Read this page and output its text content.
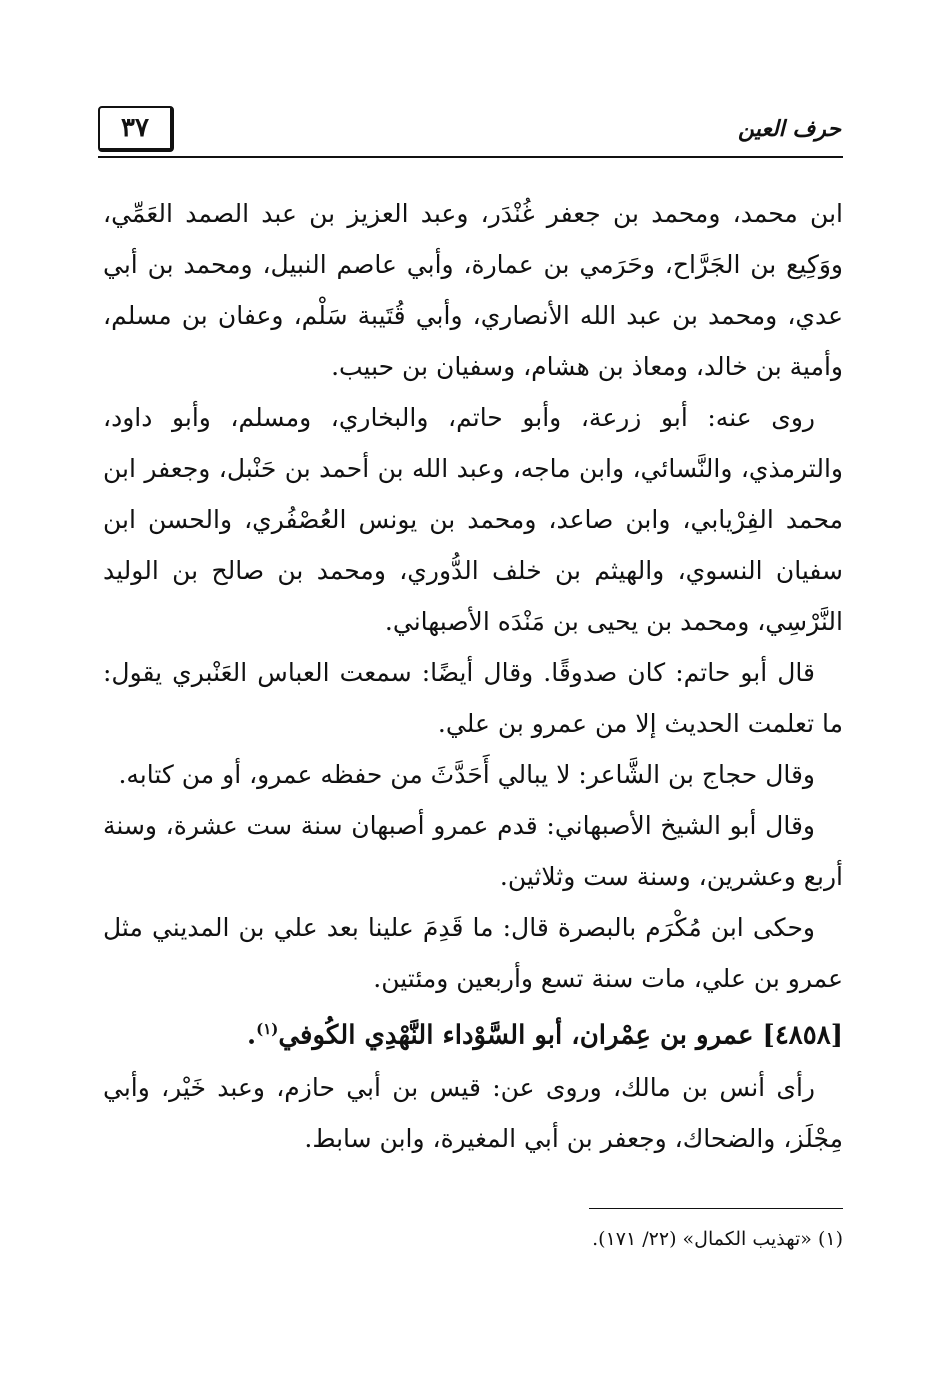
٣٧	حرف العين

ابن محمد، ومحمد بن جعفر غُنْدَر، وعبد العزيز بن عبد الصمد العَمِّي، ووَكِيع بن الجَرَّاح، وحَرَمي بن عمارة، وأبي عاصم النبيل، ومحمد بن أبي عدي، ومحمد بن عبد الله الأنصاري، وأبي قُتَيبة سَلْم، وعفان بن مسلم، وأمية بن خالد، ومعاذ بن هشام، وسفيان بن حبيب.

روى عنه: أبو زرعة، وأبو حاتم، والبخاري، ومسلم، وأبو داود، والترمذي، والنَّسائي، وابن ماجه، وعبد الله بن أحمد بن حَنْبل، وجعفر ابن محمد الفِرْيابي، وابن صاعد، ومحمد بن يونس العُصْفُري، والحسن ابن سفيان النسوي، والهيثم بن خلف الدُّوري، ومحمد بن صالح بن الوليد النَّرْسِي، ومحمد بن يحيى بن مَنْدَه الأصبهاني.

قال أبو حاتم: كان صدوقًا. وقال أيضًا: سمعت العباس العَنْبري يقول: ما تعلمت الحديث إلا من عمرو بن علي.

وقال حجاج بن الشَّاعر: لا يبالي أَحَدَّثَ من حفظه عمرو، أو من كتابه.

وقال أبو الشيخ الأصبهاني: قدم عمرو أصبهان سنة ست عشرة، وسنة أربع وعشرين، وسنة ست وثلاثين.

وحكى ابن مُكْرَم بالبصرة قال: ما قَدِمَ علينا بعد علي بن المديني مثل عمرو بن علي، مات سنة تسع وأربعين ومئتين.

[٤٨٥٨] عمرو بن عِمْران، أبو السَّوْداء النَّهْدِي الكُوفي$^{(١)}$.

رأى أنس بن مالك، وروى عن: قيس بن أبي حازم، وعبد خَيْر، وأبي مِجْلَز، والضحاك، وجعفر بن أبي المغيرة، وابن سابط.

(١) «تهذيب الكمال» (٢٢/ ١٧١).
